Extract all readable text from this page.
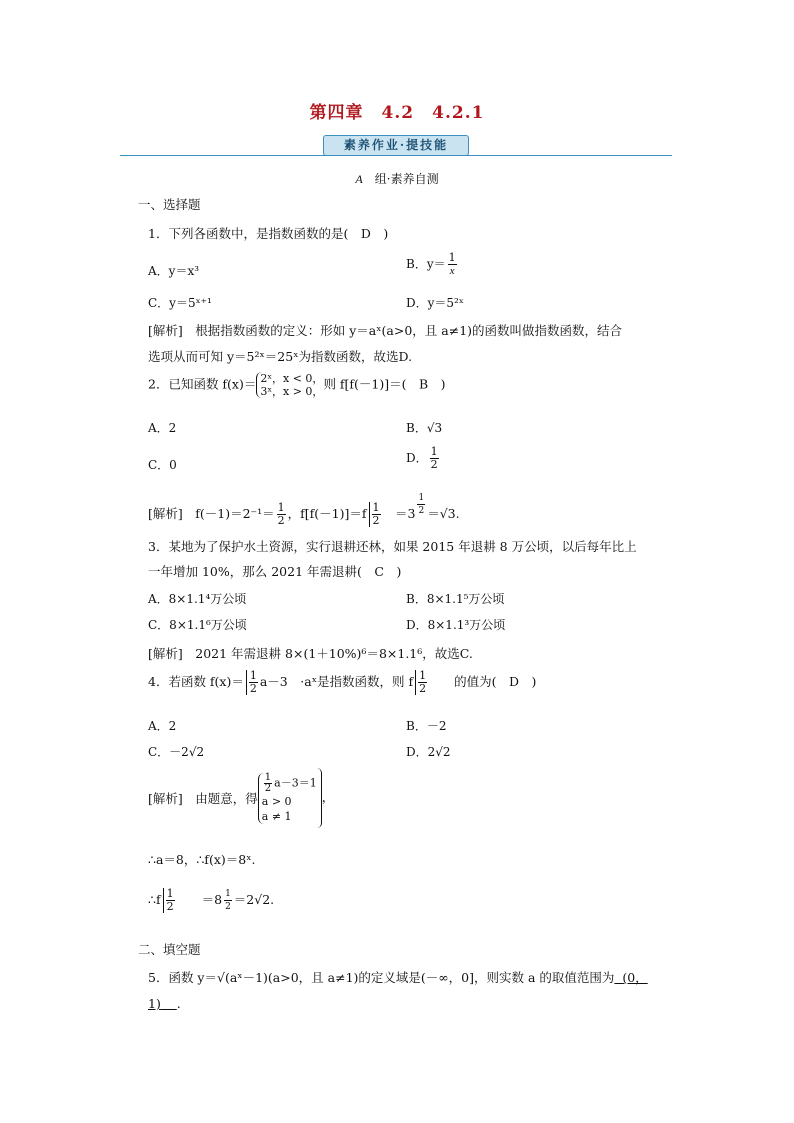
第四章　4.2　4.2.1
素养作业·提技能
A　 组·素养自测
一、选择题
1．下列各函数中，是指数函数的是(　D　)
A．y＝x³	B．$y= \frac{1}{x}$
C．y＝5ˣ⁺¹	D．y＝5²ˣ
[解析]　根据指数函数的定义：形如 y＝aˣ(a>0，且 a≠1)的函数叫做指数函数，结合
选项从而可知 y＝5²ˣ＝25ˣ为指数函数，故选D.
2．已知函数 f(x)＝ 2ˣ，x < 0，
3ˣ，x > 0， 则 f[f(－1)]＝(　B　)
A．2	B．√3
C．0	D． $\frac{1}{2}$
[解析]　$f(-1)=2^{-1}= \frac{1}{2}$ ，$f[f(-1)]=f \frac{1}{2}$
　 $=3 \frac{1}{2} =√3$.
3．某地为了保护水土资源，实行退耕还林，如果 2015 年退耕 8 万公顷，以后每年比上
一年增加 10%，那么 2021 年需退耕(　C　)
A．8×1.1⁴万公顷	B．8×1.1⁵万公顷
C．8×1.1⁶万公顷	D．8×1.1³万公顷
[解析]　2021 年需退耕 8×(1＋10%)⁶＝8×1.1⁶，故选C.
4．若函数 $f(x)= \frac{1}{2} a-3$　 ·aˣ是指数函数，则 f $\frac{1}{2}$
　　 的值为(　D　)
A．2	B．－2
C．－2√2	D．2√2
[解析]　由题意，得
$\frac{1}{2} a-3=1$
a > 0
a ≠ 1
，
∴a＝8，∴f(x)＝8ˣ.
∴f $\frac{1}{2}$
　　 $=8 \frac{1}{2} =2√2$.
二、填空题
5．函数 y＝√(aˣ－1)(a>0，且 a≠1)的定义域是(－∞，0]，则实数 a 的取值范围为 (0，
1) .
